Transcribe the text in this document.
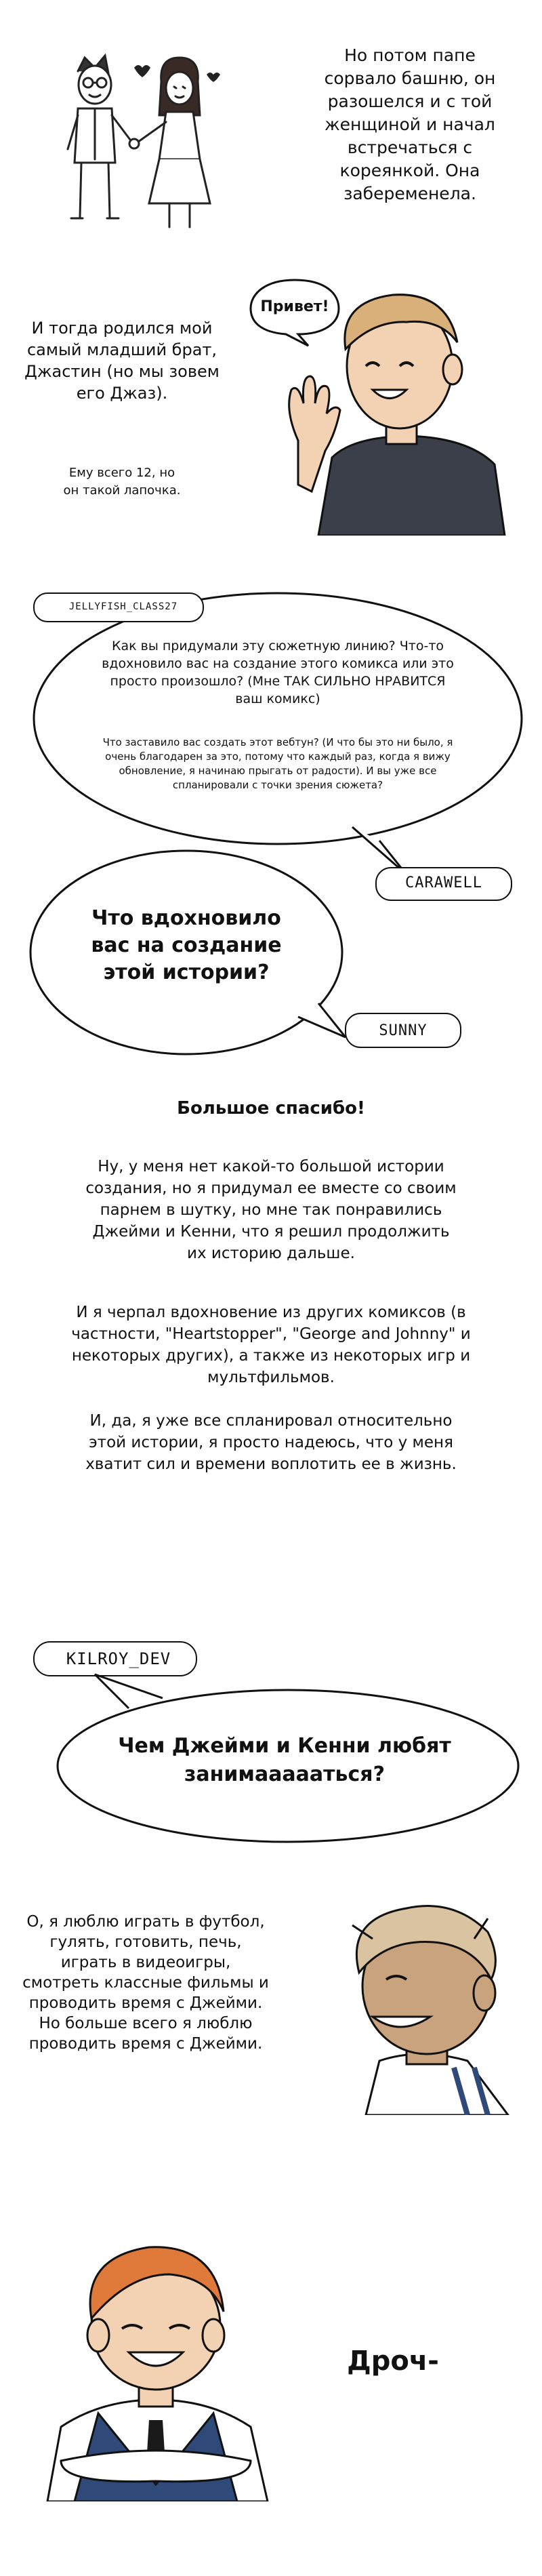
Но потом папе сорвало башню, он разошелся и с той женщиной и начал встречаться с кореянкой. Она забеременела.
И тогда родился мой самый младший брат, Джастин (но мы зовем его Джаз).
Ему всего 12, но он такой лапочка.
Привет!
JELLYFISH_CLASS27
Как вы придумали эту сюжетную линию? Что-то вдохновило вас на создание этого комикса или это просто произошло? (Мне ТАК СИЛЬНО НРАВИТСЯ ваш комикс)
Что заставило вас создать этот вебтун? (И что бы это ни было, я очень благодарен за это, потому что каждый раз, когда я вижу обновление, я начинаю прыгать от радости). И вы уже все спланировали с точки зрения сюжета?
CARAWELL
Что вдохновило вас на создание этой истории?
SUNNY
Большое спасибо!
Ну, у меня нет какой-то большой истории создания, но я придумал ее вместе со своим парнем в шутку, но мне так понравились Джейми и Кенни, что я решил продолжить их историю дальше.
И я черпал вдохновение из других комиксов (в частности, "Heartstopper", "George and Johnny" и некоторых других), а также из некоторых игр и мультфильмов.
И, да, я уже все спланировал относительно этой истории, я просто надеюсь, что у меня хватит сил и времени воплотить ее в жизнь.
KILROY_DEV
Чем Джейми и Кенни любят занимаааааться?
О, я люблю играть в футбол, гулять, готовить, печь, играть в видеоигры, смотреть классные фильмы и проводить время с Джейми. Но больше всего я люблю проводить время с Джейми.
Дроч-
